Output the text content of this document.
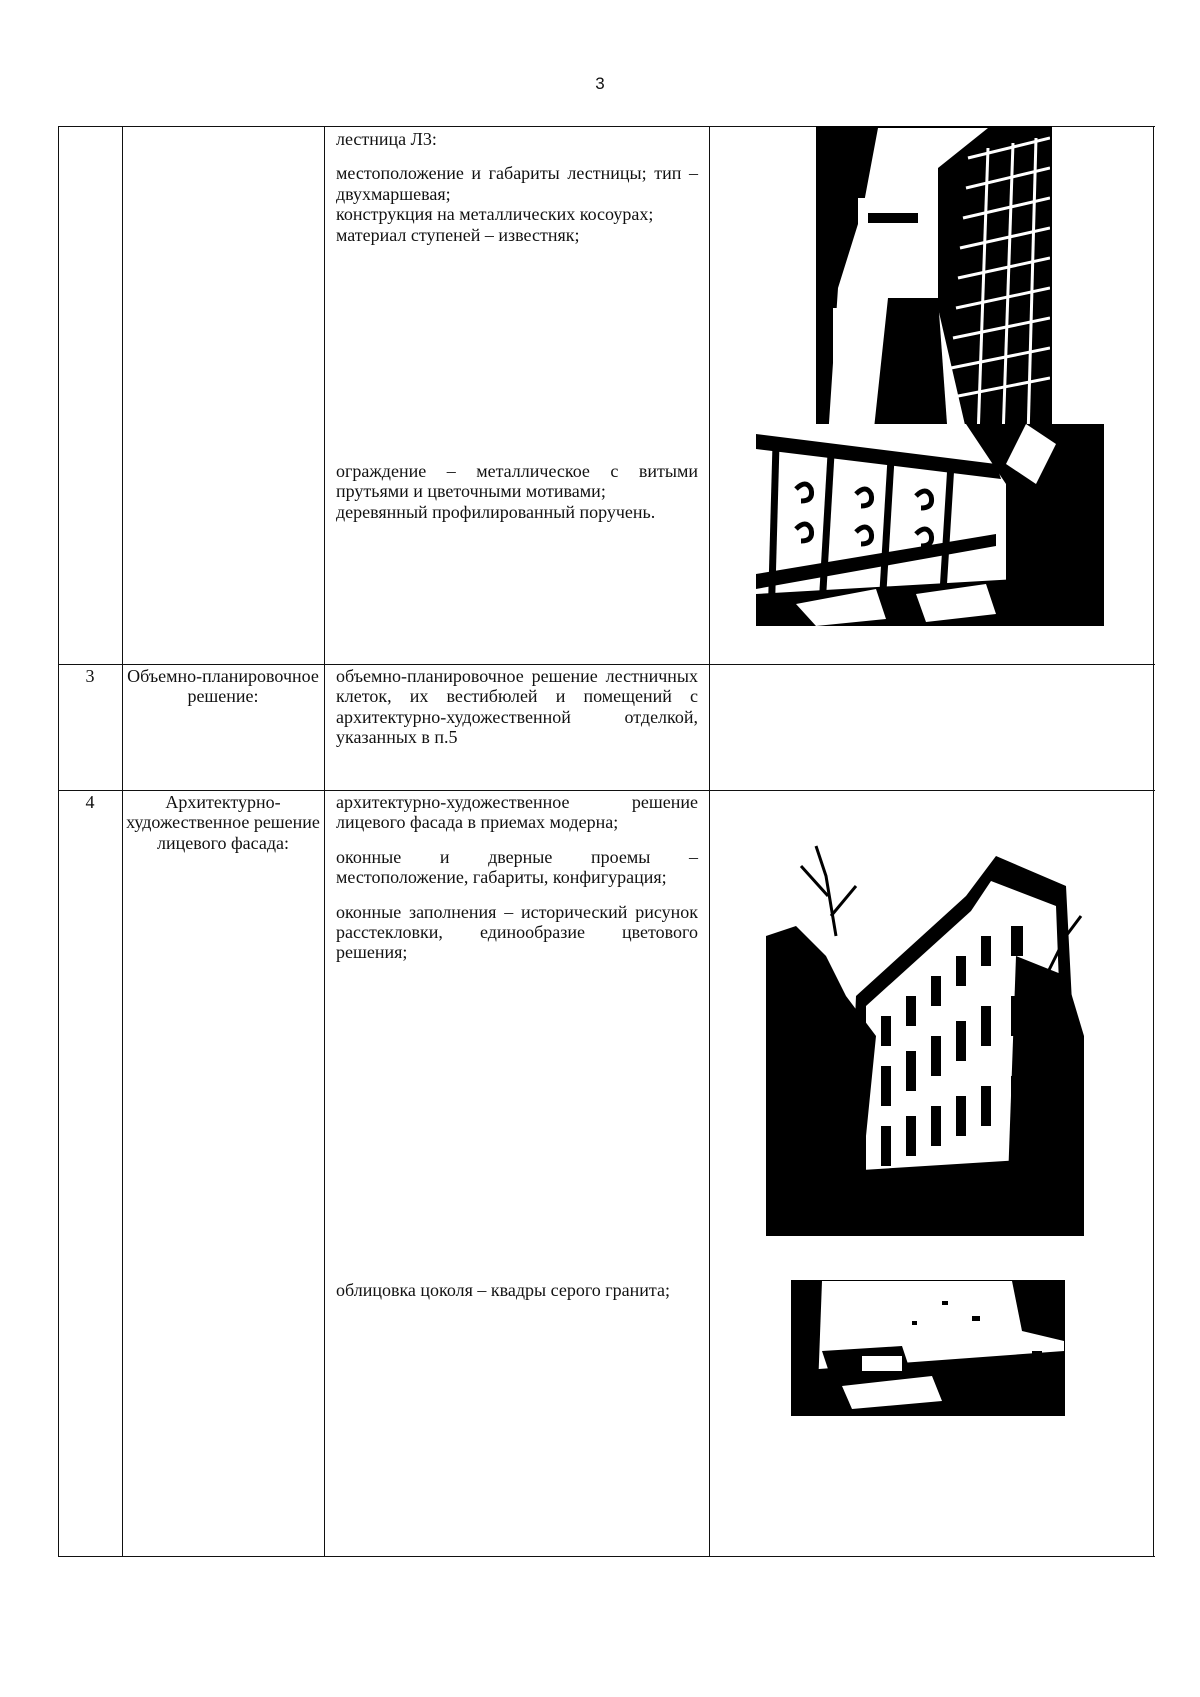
3

лестница Л3:

местоположение и габариты лестницы; тип – двухмаршевая;

конструкция на металлических косоурах;

материал ступеней – известняк;

ограждение – металлическое с витыми прутьями и цветочными мотивами;

деревянный профилированный поручень.

3	Объемно-планировочное решение:

объемно-планировочное решение лестничных клеток, их вестибюлей и помещений с архитектурно-художественной отделкой, указанных в п.5

4	Архитектурно-художественное решение лицевого фасада:

архитектурно-художественное решение лицевого фасада в приемах модерна;

оконные и дверные проемы – местоположение, габариты, конфигурация;

оконные заполнения – исторический рисунок расстекловки, единообразие цветового решения;

облицовка цоколя – квадры серого гранита;
